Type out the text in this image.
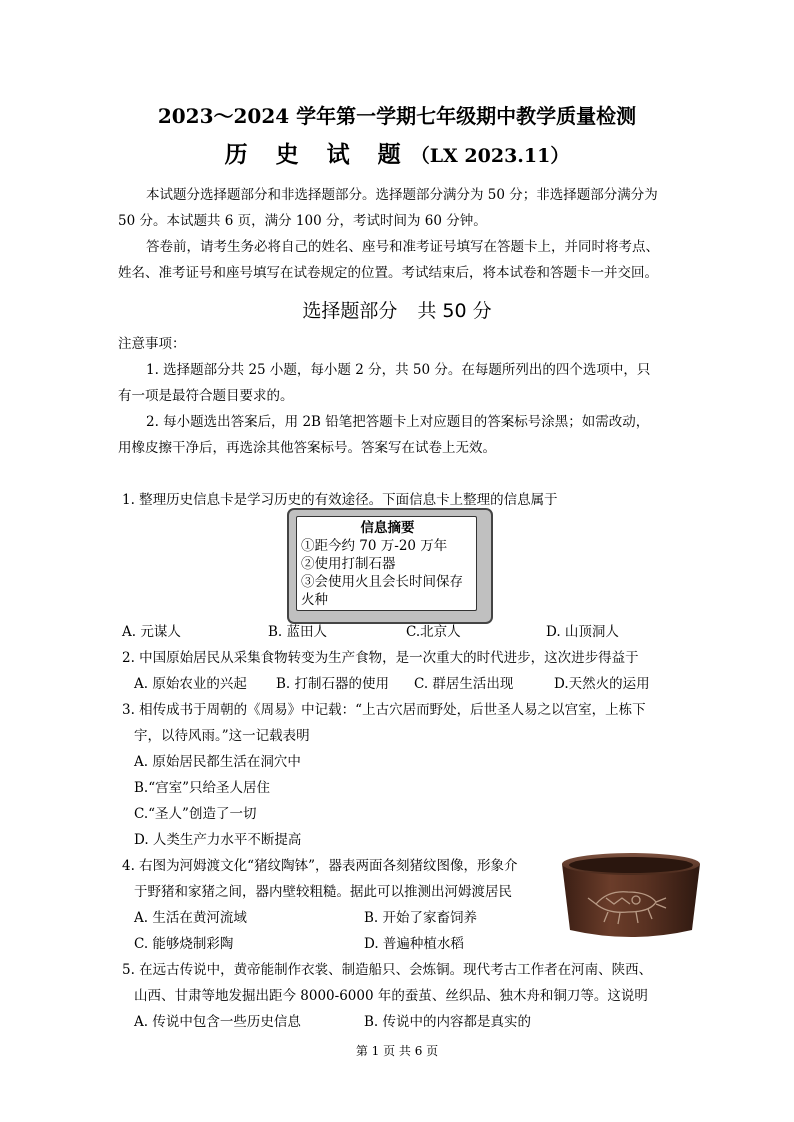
2023～2024 学年第一学期七年级期中教学质量检测
历 史 试 题（LX 2023.11）
本试题分选择题部分和非选择题部分。选择题部分满分为 50 分；非选择题部分满分为
50 分。本试题共 6 页，满分 100 分，考试时间为 60 分钟。
答卷前，请考生务必将自己的姓名、座号和准考证号填写在答题卡上，并同时将考点、
姓名、准考证号和座号填写在试卷规定的位置。考试结束后，将本试卷和答题卡一并交回。
选择题部分 共 50 分
注意事项：
1. 选择题部分共 25 小题，每小题 2 分，共 50 分。在每题所列出的四个选项中，只
有一项是最符合题目要求的。
2. 每小题选出答案后，用 2B 铅笔把答题卡上对应题目的答案标号涂黑；如需改动，
用橡皮擦干净后，再选涂其他答案标号。答案写在试卷上无效。
1. 整理历史信息卡是学习历史的有效途径。下面信息卡上整理的信息属于
信息摘要
①距今约 70 万-20 万年
②使用打制石器
③会使用火且会长时间保存
火种
A. 元谋人	B. 蓝田人	C.北京人	D. 山顶洞人
2. 中国原始居民从采集食物转变为生产食物，是一次重大的时代进步，这次进步得益于
A. 原始农业的兴起 B. 打制石器的使用 C. 群居生活出现	D.天然火的运用
3. 相传成书于周朝的《周易》中记载：“上古穴居而野处，后世圣人易之以宫室，上栋下
宇，以待风雨。”这一记载表明
A. 原始居民都生活在洞穴中
B.“宫室”只给圣人居住
C.“圣人”创造了一切
D. 人类生产力水平不断提高
4. 右图为河姆渡文化“猪纹陶钵”，器表两面各刻猪纹图像，形象介
于野猪和家猪之间，器内壁较粗糙。据此可以推测出河姆渡居民
A. 生活在黄河流域	B. 开始了家畜饲养
C. 能够烧制彩陶	D. 普遍种植水稻
5. 在远古传说中，黄帝能制作衣裳、制造船只、会炼铜。现代考古工作者在河南、陕西、
山西、甘肃等地发掘出距今 8000-6000 年的蚕茧、丝织品、独木舟和铜刀等。这说明
A. 传说中包含一些历史信息	B. 传说中的内容都是真实的
第 1 页 共 6 页
